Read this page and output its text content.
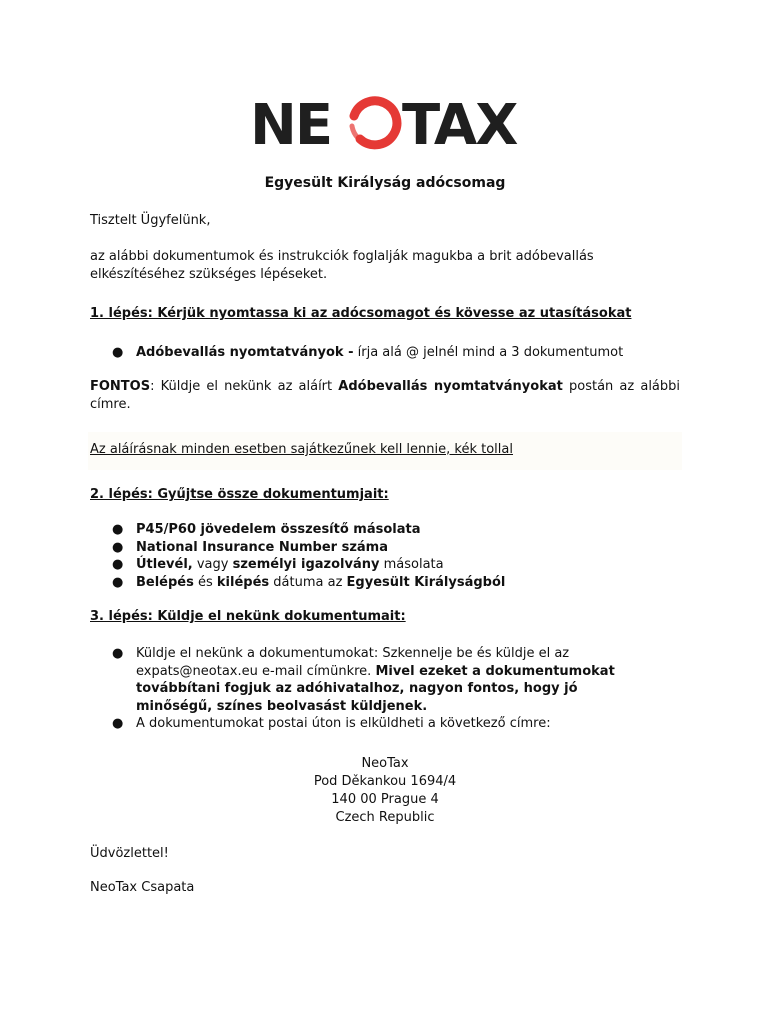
NE TAX
Egyesült Királyság adócsomag

Tisztelt Ügyfelünk,

az alábbi dokumentumok és instrukciók foglalják magukba a brit adóbevallás elkészítéséhez szükséges lépéseket.

1. lépés: Kérjük nyomtassa ki az adócsomagot és kövesse az utasításokat

● Adóbevallás nyomtatványok - írja alá @ jelnél mind a 3 dokumentumot

FONTOS: Küldje el nekünk az aláírt Adóbevallás nyomtatványokat postán az alábbi címre.

Az aláírásnak minden esetben sajátkezűnek kell lennie, kék tollal

2. lépés: Gyűjtse össze dokumentumjait:

● P45/P60 jövedelem összesítő másolata
● National Insurance Number száma
● Útlevél, vagy személyi igazolvány másolata
● Belépés és kilépés dátuma az Egyesült Királyságból

3. lépés: Küldje el nekünk dokumentumait:

● Küldje el nekünk a dokumentumokat: Szkennelje be és küldje el az expats@neotax.eu e-mail címünkre. Mivel ezeket a dokumentumokat továbbítani fogjuk az adóhivatalhoz, nagyon fontos, hogy jó minőségű, színes beolvasást küldjenek.
● A dokumentumokat postai úton is elküldheti a következő címre:
NeoTax
Pod Děkankou 1694/4
140 00 Prague 4
Czech Republic

Üdvözlettel!

NeoTax Csapata
